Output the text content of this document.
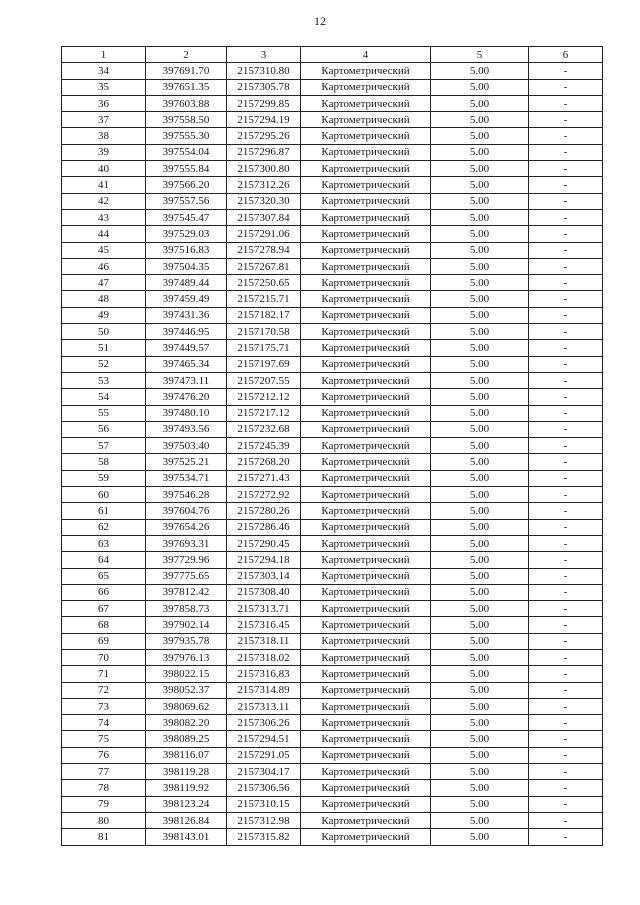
12
1	2	3	4	5	6
34	397691.70	2157310.80	Картометрический	5.00	-
35	397651.35	2157305.78	Картометрический	5.00	-
36	397603.88	2157299.85	Картометрический	5.00	-
37	397558.50	2157294.19	Картометрический	5.00	-
38	397555.30	2157295.26	Картометрический	5.00	-
39	397554.04	2157296.87	Картометрический	5.00	-
40	397555.84	2157300.80	Картометрический	5.00	-
41	397566.20	2157312.26	Картометрический	5.00	-
42	397557.56	2157320.30	Картометрический	5.00	-
43	397545.47	2157307.84	Картометрический	5.00	-
44	397529.03	2157291.06	Картометрический	5.00	-
45	397516.83	2157278.94	Картометрический	5.00	-
46	397504.35	2157267.81	Картометрический	5.00	-
47	397489.44	2157250.65	Картометрический	5.00	-
48	397459.49	2157215.71	Картометрический	5.00	-
49	397431.36	2157182.17	Картометрический	5.00	-
50	397446.95	2157170.58	Картометрический	5.00	-
51	397449.57	2157175.71	Картометрический	5.00	-
52	397465.34	2157197.69	Картометрический	5.00	-
53	397473.11	2157207.55	Картометрический	5.00	-
54	397476.20	2157212.12	Картометрический	5.00	-
55	397480.10	2157217.12	Картометрический	5.00	-
56	397493.56	2157232.68	Картометрический	5.00	-
57	397503.40	2157245.39	Картометрический	5.00	-
58	397525.21	2157268.20	Картометрический	5.00	-
59	397534.71	2157271.43	Картометрический	5.00	-
60	397546.28	2157272.92	Картометрический	5.00	-
61	397604.76	2157280.26	Картометрический	5.00	-
62	397654.26	2157286.46	Картометрический	5.00	-
63	397693.31	2157290.45	Картометрический	5.00	-
64	397729.96	2157294.18	Картометрический	5.00	-
65	397775.65	2157303.14	Картометрический	5.00	-
66	397812.42	2157308.40	Картометрический	5.00	-
67	397858.73	2157313.71	Картометрический	5.00	-
68	397902.14	2157316.45	Картометрический	5.00	-
69	397935.78	2157318.11	Картометрический	5.00	-
70	397976.13	2157318.02	Картометрический	5.00	-
71	398022.15	2157316.83	Картометрический	5.00	-
72	398052.37	2157314.89	Картометрический	5.00	-
73	398069.62	2157313.11	Картометрический	5.00	-
74	398082.20	2157306.26	Картометрический	5.00	-
75	398089.25	2157294.51	Картометрический	5.00	-
76	398116.07	2157291.05	Картометрический	5.00	-
77	398119.28	2157304.17	Картометрический	5.00	-
78	398119.92	2157306.56	Картометрический	5.00	-
79	398123.24	2157310.15	Картометрический	5.00	-
80	398126.84	2157312.98	Картометрический	5.00	-
81	398143.01	2157315.82	Картометрический	5.00	-
